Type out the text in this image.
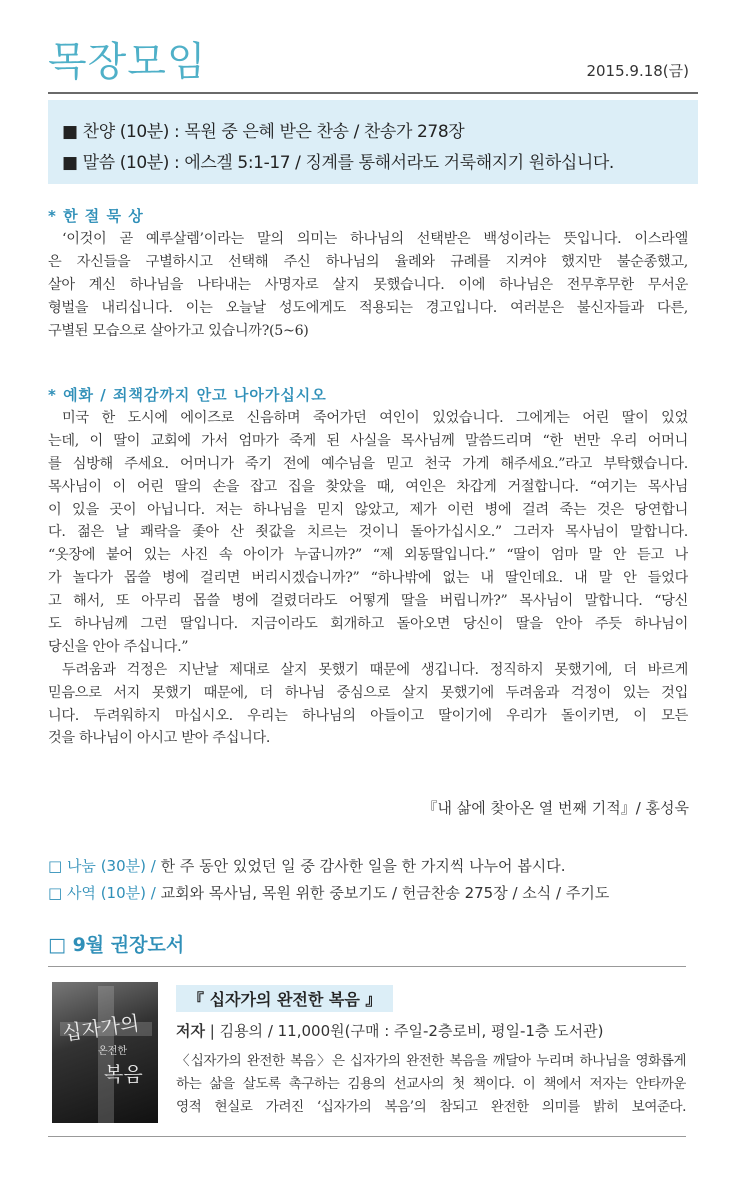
목장모임	2015.9.18(금)
■ 찬양 (10분) : 목원 중 은혜 받은 찬송 / 찬송가 278장
■ 말씀 (10분) : 에스겔 5:1-17 / 징계를 통해서라도 거룩해지기 원하십니다.
* 한 절 묵 상
‘이것이 곧 예루살렘’이라는 말의 의미는 하나님의 선택받은 백성이라는 뜻입니다. 이스라엘
은 자신들을 구별하시고 선택해 주신 하나님의 율례와 규례를 지켜야 했지만 불순종했고,
살아 계신 하나님을 나타내는 사명자로 살지 못했습니다. 이에 하나님은 전무후무한 무서운
형벌을 내리십니다. 이는 오늘날 성도에게도 적용되는 경고입니다. 여러분은 불신자들과 다른,
구별된 모습으로 살아가고 있습니까?(5~6)
* 예화 / 죄책감까지 안고 나아가십시오
미국 한 도시에 에이즈로 신음하며 죽어가던 여인이 있었습니다. 그에게는 어린 딸이 있었
는데, 이 딸이 교회에 가서 엄마가 죽게 된 사실을 목사님께 말씀드리며 “한 번만 우리 어머니
를 심방해 주세요. 어머니가 죽기 전에 예수님을 믿고 천국 가게 해주세요.”라고 부탁했습니다.
목사님이 이 어린 딸의 손을 잡고 집을 찾았을 때, 여인은 차갑게 거절합니다. “여기는 목사님
이 있을 곳이 아닙니다. 저는 하나님을 믿지 않았고, 제가 이런 병에 걸려 죽는 것은 당연합니
다. 젊은 날 쾌락을 좇아 산 죗값을 치르는 것이니 돌아가십시오.” 그러자 목사님이 말합니다.
“옷장에 붙어 있는 사진 속 아이가 누굽니까?” “제 외동딸입니다.” “딸이 엄마 말 안 듣고 나
가 놀다가 몹쓸 병에 걸리면 버리시겠습니까?” “하나밖에 없는 내 딸인데요. 내 말 안 들었다
고 해서, 또 아무리 몹쓸 병에 걸렸더라도 어떻게 딸을 버립니까?” 목사님이 말합니다. “당신
도 하나님께 그런 딸입니다. 지금이라도 회개하고 돌아오면 당신이 딸을 안아 주듯 하나님이
당신을 안아 주십니다.”
두려움과 걱정은 지난날 제대로 살지 못했기 때문에 생깁니다. 정직하지 못했기에, 더 바르게
믿음으로 서지 못했기 때문에, 더 하나님 중심으로 살지 못했기에 두려움과 걱정이 있는 것입
니다. 두려워하지 마십시오. 우리는 하나님의 아들이고 딸이기에 우리가 돌이키면, 이 모든
것을 하나님이 아시고 받아 주십니다.
『내 삶에 찾아온 열 번째 기적』/ 홍성욱
□ 나눔 (30분) / 한 주 동안 있었던 일 중 감사한 일을 한 가지씩 나누어 봅시다.
□ 사역 (10분) / 교회와 목사님, 목원 위한 중보기도 / 헌금찬송 275장 / 소식 / 주기도
□ 9월 권장도서
십자가의
온전한
복음
『 십자가의 완전한 복음 』
저자 | 김용의 / 11,000원(구매 : 주일-2층로비, 평일-1층 도서관)
〈십자가의 완전한 복음〉은 십자가의 완전한 복음을 깨달아 누리며 하나님을 영화롭게
하는 삶을 살도록 촉구하는 김용의 선교사의 첫 책이다. 이 책에서 저자는 안타까운
영적 현실로 가려진 ‘십자가의 복음’의 참되고 완전한 의미를 밝히 보여준다.
